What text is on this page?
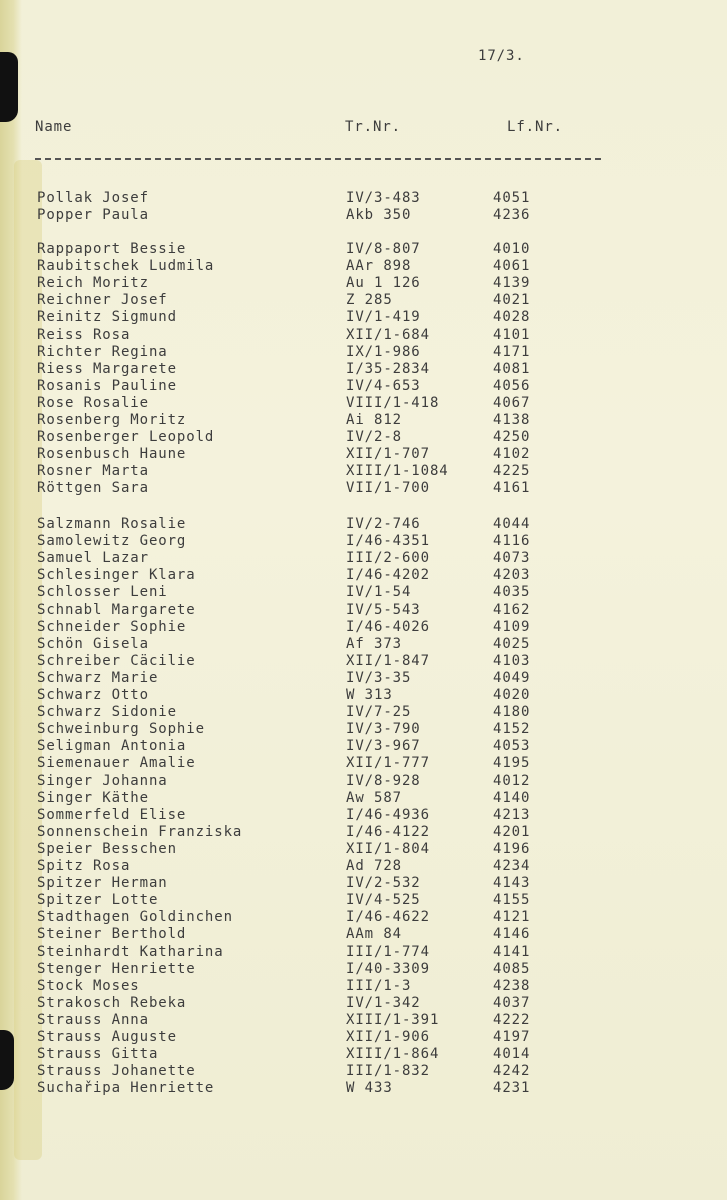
17/3.
Name	Tr.Nr.	Lf.Nr.
Pollak Josef	IV/3-483	4051
Popper Paula	Akb 350	4236
Rappaport Bessie	IV/8-807	4010
Raubitschek Ludmila	AAr 898	4061
Reich Moritz	Au 1 126	4139
Reichner Josef	Z 285	4021
Reinitz Sigmund	IV/1-419	4028
Reiss Rosa	XII/1-684	4101
Richter Regina	IX/1-986	4171
Riess Margarete	I/35-2834	4081
Rosanis Pauline	IV/4-653	4056
Rose Rosalie	VIII/1-418	4067
Rosenberg Moritz	Ai 812	4138
Rosenberger Leopold	IV/2-8	4250
Rosenbusch Haune	XII/1-707	4102
Rosner Marta	XIII/1-1084	4225
Röttgen Sara	VII/1-700	4161
Salzmann Rosalie	IV/2-746	4044
Samolewitz Georg	I/46-4351	4116
Samuel Lazar	III/2-600	4073
Schlesinger Klara	I/46-4202	4203
Schlosser Leni	IV/1-54	4035
Schnabl Margarete	IV/5-543	4162
Schneider Sophie	I/46-4026	4109
Schön Gisela	Af 373	4025
Schreiber Cäcilie	XII/1-847	4103
Schwarz Marie	IV/3-35	4049
Schwarz Otto	W 313	4020
Schwarz Sidonie	IV/7-25	4180
Schweinburg Sophie	IV/3-790	4152
Seligman Antonia	IV/3-967	4053
Siemenauer Amalie	XII/1-777	4195
Singer Johanna	IV/8-928	4012
Singer Käthe	Aw 587	4140
Sommerfeld Elise	I/46-4936	4213
Sonnenschein Franziska	I/46-4122	4201
Speier Besschen	XII/1-804	4196
Spitz Rosa	Ad 728	4234
Spitzer Herman	IV/2-532	4143
Spitzer Lotte	IV/4-525	4155
Stadthagen Goldinchen	I/46-4622	4121
Steiner Berthold	AAm 84	4146
Steinhardt Katharina	III/1-774	4141
Stenger Henriette	I/40-3309	4085
Stock Moses	III/1-3	4238
Strakosch Rebeka	IV/1-342	4037
Strauss Anna	XIII/1-391	4222
Strauss Auguste	XII/1-906	4197
Strauss Gitta	XIII/1-864	4014
Strauss Johanette	III/1-832	4242
Suchařipa Henriette	W 433	4231
